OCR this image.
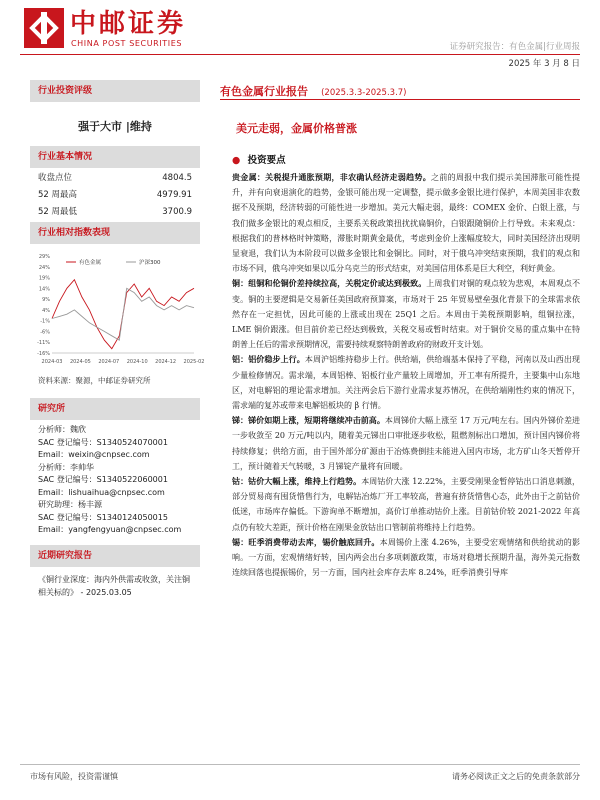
中邮证券
CHINA POST SECURITIES	证券研究报告：有色金属|行业周报
2025 年 3 月 8 日
行业投资评级
强于大市 |维持
行业基本情况
收盘点位	4804.5
52 周最高	4979.91
52 周最低	3700.9
行业相对指数表现
29%
24%
19%
14%
9%
4%
-1%
-6%
-11%
-16%
2024-03 2024-05 2024-07 2024-10 2024-12 2025-02
有色金属	沪深300
资料来源：聚源，中邮证券研究所
研究所
分析师：魏欣
SAC 登记编号：S1340524070001
Email：weixin@cnpsec.com
分析师：李帅华
SAC 登记编号：S1340522060001
Email：lishuaihua@cnpsec.com
研究助理：杨丰源
SAC 登记编号：S1340124050015
Email：yangfengyuan@cnpsec.com
近期研究报告
《铜行业深度：海内外供需或收敛，关注铜相关标的》 - 2025.03.05
有色金属行业报告 (2025.3.3-2025.3.7)
美元走弱，金属价格普涨
● 投资要点

贵金属：关税提升通胀预期，非农确认经济走弱趋势。之前的周报中我们提示美国滞胀可能性提升，并有向衰退演化的趋势，金银可能出现一定调整，提示做多金银比进行保护，本周美国非农数据不及预期，经济转弱的可能性进一步增加。美元大幅走弱，最终：COMEX 金价、白银上涨，与我们做多金银比的观点相反，主要系关税政策扭扰扰扁铜价，白银跟随铜价上行导致。未来观点：根据我们的普林格时钟策略，滞胀时期黄金最优，考虑到金价上涨幅度较大，同时美国经济出现明显衰退，我们认为本阶段可以做多金银比和金铜比。同时，对于俄乌冲突结束预期，我们的观点和市场不同，俄乌冲突如果以瓜分乌克兰的形式结束，对美国信用体系是巨大利空，利好黄金。

铜：组铜和伦铜价差持续拉高，关税定价或达到极致。上周我们对铜的观点较为悲观，本周观点不变。铜的主要逻辑是交易新任美国政府预算案，市场对于 25 年贸易壁垒强化背景下的全球需求依然存在一定担忧，因此可能的上涨或出现在 25Q1 之后。本周由于美税预期影响，组铜拉涨，LME 铜价跟涨。但目前价差已经达到极致，关税交易或暂时结束。对于铜价交易的重点集中在特朗普上任后的需求预期情况，需要持续观察特朗普政府的财政开支计划。

铝：铝价稳步上行。本周沪铝维持稳步上行。供给端，供给端基本保持了平稳，河南以及山西出现少量检修情况。需求端，本周铝棒、铝板行业产量较上周增加，开工率有所提升，主要集中山东地区，对电解铝的理论需求增加。关注两会后下游行业需求复苏情况，在供给端刚性约束的情况下，需求端的复苏或带来电解铝板块的 β 行情。

锑：锑价如期上涨，短期将继续冲击前高。本周锑价大幅上涨至 17 万元/吨左右。国内外锑价差进一步收敛至 20 万元/吨以内，随着美元锑出口审批逐步收松，阻燃剂标出口增加，预计国内锑价将持续修复；供给方面，由于国外部分矿源由于冶炼费倒挂未能进入国内市场，北方矿山冬天暂停开工，预计随着天气转暖，3 月锑锭产量将有回暖。

钴：钴价大幅上涨，维持上行趋势。本周钴价大涨 12.22%，主要受刚果金暂停钴出口消息刺激，部分贸易商有囤货惜售行为，电解钴冶炼厂开工率较高，普遍有挤货惜售心态，此外由于之前钴价低迷，市场库存偏低。下游询单不断增加，高价订单推动钴价上涨。目前钴价较 2021-2022 年高点仍有较大差距，预计价格在刚果金放钴出口管制前将维持上行趋势。

锡：旺季消费带动去库，锡价触底回升。本周锡价上涨 4.26%，主要受宏观情绪和供给扰动的影响。一方面，宏观情绪好转，国内两会出台多项刺激政策，市场对稳增长预期升温，海外美元指数连续回落也提振锡价，另一方面，国内社会库存去库 8.24%，旺季消费引导库

市场有风险，投资需谨慎	请务必阅读正文之后的免责条款部分
